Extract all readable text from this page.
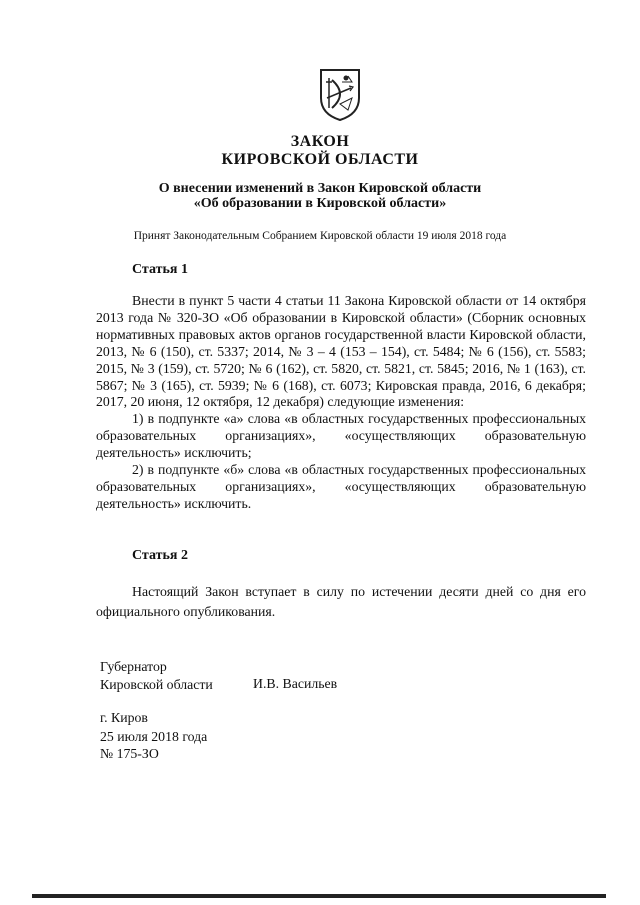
ЗАКОН
КИРОВСКОЙ ОБЛАСТИ
О внесении изменений в Закон Кировской области
«Об образовании в Кировской области»
Принят Законодательным Собранием Кировской области 19 июля 2018 года
Статья 1

Внести в пункт 5 части 4 статьи 11 Закона Кировской области от 14 октября 2013 года № 320-ЗО «Об образовании в Кировской области» (Сборник основных нормативных правовых актов органов государственной власти Кировской области, 2013, № 6 (150), ст. 5337; 2014, № 3 – 4 (153 – 154), ст. 5484; № 6 (156), ст. 5583; 2015, № 3 (159), ст. 5720; № 6 (162), ст. 5820, ст. 5821, ст. 5845; 2016, № 1 (163), ст. 5867; № 3 (165), ст. 5939; № 6 (168), ст. 6073; Кировская правда, 2016, 6 декабря; 2017, 20 июня, 12 октября, 12 декабря) следующие изменения:

1) в подпункте «а» слова «в областных государственных профессиональных образовательных организациях», «осуществляющих образовательную деятельность» исключить;

2) в подпункте «б» слова «в областных государственных профессиональных образовательных организациях», «осуществляющих образовательную деятельность» исключить.

Статья 2

Настоящий Закон вступает в силу по истечении десяти дней со дня его официального опубликования.

Губернатор
Кировской области	И.В. Васильев
г. Киров
25 июля 2018 года
№ 175-ЗО
